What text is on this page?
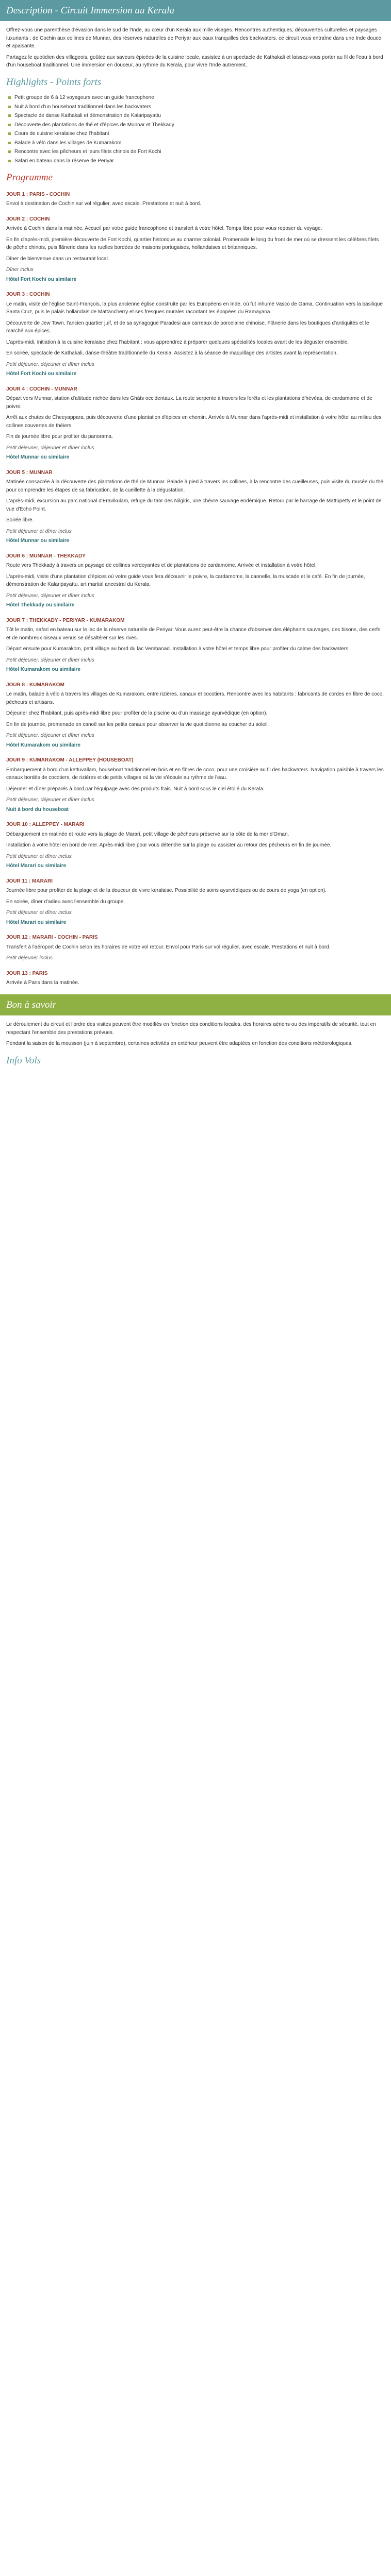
Description - Circuit Immersion au Kerala

Offrez-vous une parenthèse d'évasion dans le sud de l'Inde, au cœur d'un Kerala aux mille visages. Rencontres authentiques, découvertes culturelles et paysages luxuriants : de Cochin aux collines de Munnar, des réserves naturelles de Periyar aux eaux tranquilles des backwaters, ce circuit vous entraîne dans une Inde douce et apaisante.

Partagez le quotidien des villageois, goûtez aux saveurs épicées de la cuisine locale, assistez à un spectacle de Kathakali et laissez-vous porter au fil de l'eau à bord d'un houseboat traditionnel. Une immersion en douceur, au rythme du Kerala, pour vivre l'Inde autrement.

Highlights - Points forts
Petit groupe de 6 à 12 voyageurs avec un guide francophone
Nuit à bord d'un houseboat traditionnel dans les backwaters
Spectacle de danse Kathakali et démonstration de Kalaripayattu
Découverte des plantations de thé et d'épices de Munnar et Thekkady
Cours de cuisine keralaise chez l'habitant
Balade à vélo dans les villages de Kumarakom
Rencontre avec les pêcheurs et leurs filets chinois de Fort Kochi
Safari en bateau dans la réserve de Periyar
Programme
JOUR 1 : PARIS - COCHIN

Envol à destination de Cochin sur vol régulier, avec escale. Prestations et nuit à bord.

JOUR 2 : COCHIN

Arrivée à Cochin dans la matinée. Accueil par votre guide francophone et transfert à votre hôtel. Temps libre pour vous reposer du voyage.

En fin d'après-midi, première découverte de Fort Kochi, quartier historique au charme colonial. Promenade le long du front de mer où se dressent les célèbres filets de pêche chinois, puis flânerie dans les ruelles bordées de maisons portugaises, hollandaises et britanniques.

Dîner de bienvenue dans un restaurant local.

Dîner inclus
Hôtel Fort Kochi ou similaire
JOUR 3 : COCHIN

Le matin, visite de l'église Saint-François, la plus ancienne église construite par les Européens en Inde, où fut inhumé Vasco de Gama. Continuation vers la basilique Santa Cruz, puis le palais hollandais de Mattancherry et ses fresques murales racontant les épopées du Ramayana.

Découverte de Jew Town, l'ancien quartier juif, et de sa synagogue Paradesi aux carreaux de porcelaine chinoise. Flânerie dans les boutiques d'antiquités et le marché aux épices.

L'après-midi, initiation à la cuisine keralaise chez l'habitant : vous apprendrez à préparer quelques spécialités locales avant de les déguster ensemble.

En soirée, spectacle de Kathakali, danse-théâtre traditionnelle du Kerala. Assistez à la séance de maquillage des artistes avant la représentation.

Petit déjeuner, déjeuner et dîner inclus
Hôtel Fort Kochi ou similaire
JOUR 4 : COCHIN - MUNNAR

Départ vers Munnar, station d'altitude nichée dans les Ghâts occidentaux. La route serpente à travers les forêts et les plantations d'hévéas, de cardamome et de poivre.

Arrêt aux chutes de Cheeyappara, puis découverte d'une plantation d'épices en chemin. Arrivée à Munnar dans l'après-midi et installation à votre hôtel au milieu des collines couvertes de théiers.

Fin de journée libre pour profiter du panorama.

Petit déjeuner, déjeuner et dîner inclus
Hôtel Munnar ou similaire
JOUR 5 : MUNNAR

Matinée consacrée à la découverte des plantations de thé de Munnar. Balade à pied à travers les collines, à la rencontre des cueilleuses, puis visite du musée du thé pour comprendre les étapes de sa fabrication, de la cueillette à la dégustation.

L'après-midi, excursion au parc national d'Eravikulam, refuge du tahr des Nilgiris, une chèvre sauvage endémique. Retour par le barrage de Mattupetty et le point de vue d'Echo Point.

Soirée libre.

Petit déjeuner et dîner inclus
Hôtel Munnar ou similaire
JOUR 6 : MUNNAR - THEKKADY

Route vers Thekkady à travers un paysage de collines verdoyantes et de plantations de cardamome. Arrivée et installation à votre hôtel.

L'après-midi, visite d'une plantation d'épices où votre guide vous fera découvrir le poivre, la cardamome, la cannelle, la muscade et le café. En fin de journée, démonstration de Kalaripayattu, art martial ancestral du Kerala.

Petit déjeuner, déjeuner et dîner inclus
Hôtel Thekkady ou similaire
JOUR 7 : THEKKADY - PERIYAR - KUMARAKOM

Tôt le matin, safari en bateau sur le lac de la réserve naturelle de Periyar. Vous aurez peut-être la chance d'observer des éléphants sauvages, des bisons, des cerfs et de nombreux oiseaux venus se désaltérer sur les rives.

Départ ensuite pour Kumarakom, petit village au bord du lac Vembanad. Installation à votre hôtel et temps libre pour profiter du calme des backwaters.

Petit déjeuner, déjeuner et dîner inclus
Hôtel Kumarakom ou similaire
JOUR 8 : KUMARAKOM

Le matin, balade à vélo à travers les villages de Kumarakom, entre rizières, canaux et cocotiers. Rencontre avec les habitants : fabricants de cordes en fibre de coco, pêcheurs et artisans.

Déjeuner chez l'habitant, puis après-midi libre pour profiter de la piscine ou d'un massage ayurvédique (en option).

En fin de journée, promenade en canoë sur les petits canaux pour observer la vie quotidienne au coucher du soleil.

Petit déjeuner, déjeuner et dîner inclus
Hôtel Kumarakom ou similaire
JOUR 9 : KUMARAKOM - ALLEPPEY (HOUSEBOAT)

Embarquement à bord d'un kettuvallam, houseboat traditionnel en bois et en fibres de coco, pour une croisière au fil des backwaters. Navigation paisible à travers les canaux bordés de cocotiers, de rizières et de petits villages où la vie s'écoule au rythme de l'eau.

Déjeuner et dîner préparés à bord par l'équipage avec des produits frais. Nuit à bord sous le ciel étoilé du Kerala.

Petit déjeuner, déjeuner et dîner inclus
Nuit à bord du houseboat
JOUR 10 : ALLEPPEY - MARARI

Débarquement en matinée et route vers la plage de Marari, petit village de pêcheurs préservé sur la côte de la mer d'Oman.

Installation à votre hôtel en bord de mer. Après-midi libre pour vous détendre sur la plage ou assister au retour des pêcheurs en fin de journée.

Petit déjeuner et dîner inclus
Hôtel Marari ou similaire
JOUR 11 : MARARI

Journée libre pour profiter de la plage et de la douceur de vivre keralaise. Possibilité de soins ayurvédiques ou de cours de yoga (en option).

En soirée, dîner d'adieu avec l'ensemble du groupe.

Petit déjeuner et dîner inclus
Hôtel Marari ou similaire
JOUR 12 : MARARI - COCHIN - PARIS

Transfert à l'aéroport de Cochin selon les horaires de votre vol retour. Envol pour Paris sur vol régulier, avec escale. Prestations et nuit à bord.

Petit déjeuner inclus
JOUR 13 : PARIS

Arrivée à Paris dans la matinée.

Bon à savoir

Le déroulement du circuit et l'ordre des visites peuvent être modifiés en fonction des conditions locales, des horaires aériens ou des impératifs de sécurité, tout en respectant l'ensemble des prestations prévues.

Pendant la saison de la mousson (juin à septembre), certaines activités en extérieur peuvent être adaptées en fonction des conditions météorologiques.

Info Vols
